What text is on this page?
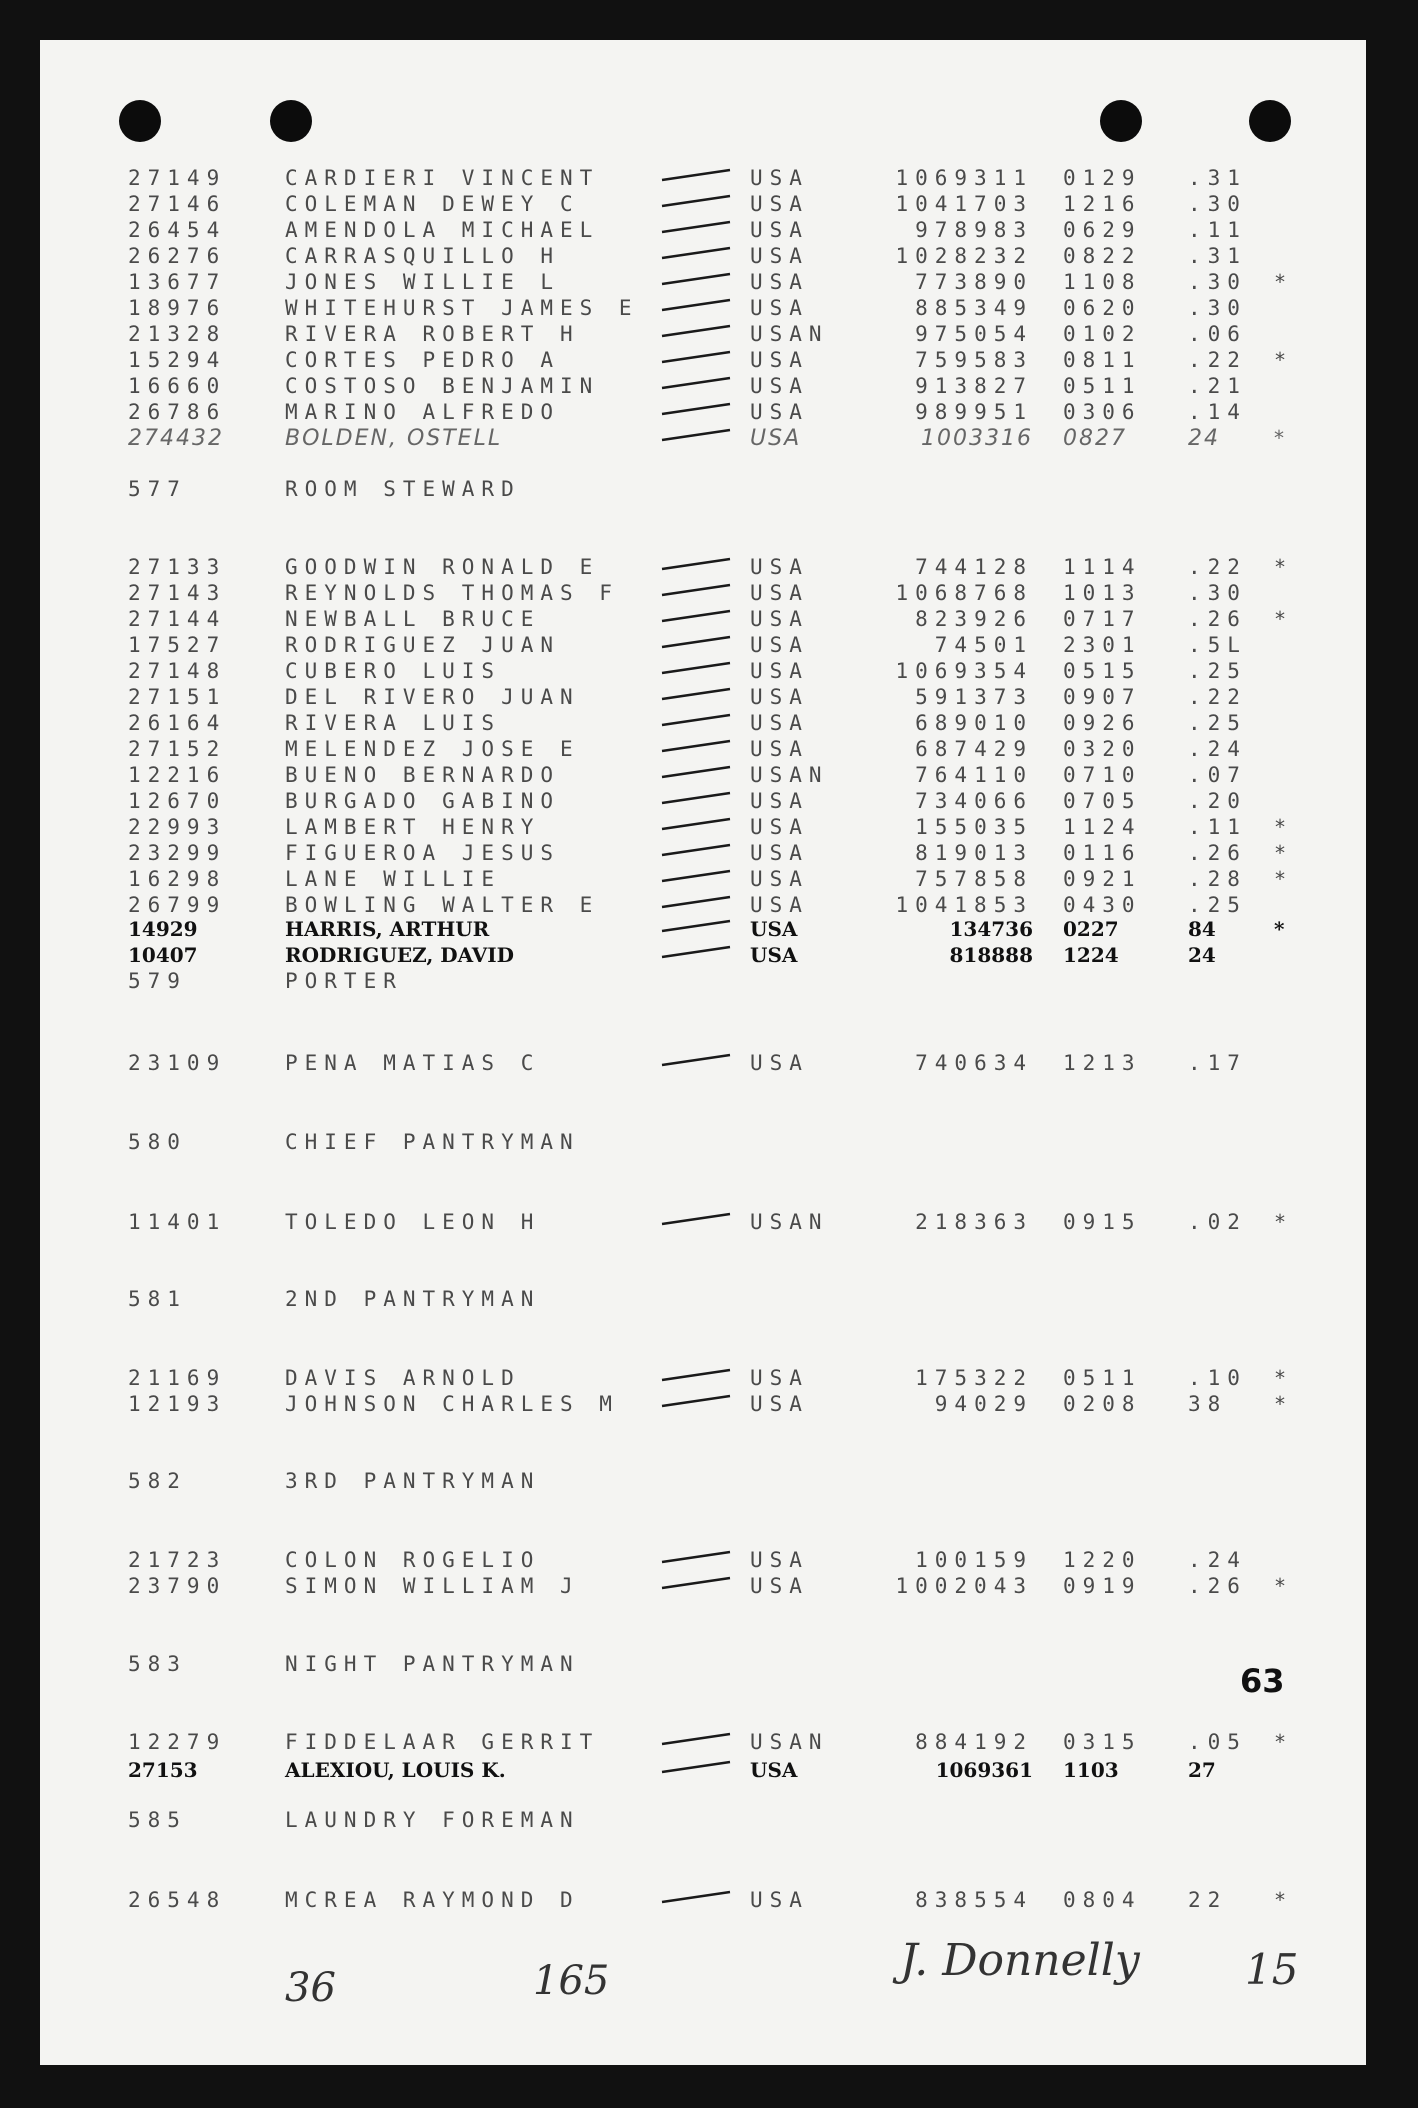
27149	CARDIERI VINCENT	USA	1069311 0129 .31
27146	COLEMAN DEWEY C	USA	1041703 1216 .30
26454	AMENDOLA MICHAEL	USA	978983 0629 .11
26276	CARRASQUILLO H	USA	1028232 0822 .31
13677	JONES WILLIE L	USA	773890 1108 .30 *
18976	WHITEHURST JAMES E	USA	885349 0620 .30
21328	RIVERA ROBERT H	USAN	975054 0102 .06
15294	CORTES PEDRO A	USA	759583 0811 .22 *
16660	COSTOSO BENJAMIN	USA	913827 0511 .21
26786	MARINO ALFREDO	USA	989951 0306 .14
274432	BOLDEN, OSTELL	USA	1003316 0827	24	*
577	ROOM STEWARD
27133	GOODWIN RONALD E	USA	744128 1114 .22 *
27143	REYNOLDS THOMAS F	USA	1068768 1013 .30
27144	NEWBALL BRUCE	USA	823926 0717 .26 *
17527	RODRIGUEZ JUAN	USA	74501 2301 .5L
27148	CUBERO LUIS	USA	1069354 0515 .25
27151	DEL RIVERO JUAN	USA	591373 0907 .22
26164	RIVERA LUIS	USA	689010 0926 .25
27152	MELENDEZ JOSE E	USA	687429 0320 .24
12216	BUENO BERNARDO	USAN	764110 0710 .07
12670	BURGADO GABINO	USA	734066 0705 .20
22993	LAMBERT HENRY	USA	155035 1124 .11 *
23299	FIGUEROA JESUS	USA	819013 0116 .26 *
16298	LANE WILLIE	USA	757858 0921 .28 *
26799	BOWLING WALTER E	USA	1041853 0430 .25
14929	HARRIS, ARTHUR	USA	134736 0227	84	*
10407	RODRIGUEZ, DAVID	USA	818888 1224	24
579	PORTER
23109	PENA MATIAS C	USA	740634 1213 .17
580	CHIEF PANTRYMAN
11401	TOLEDO LEON H	USAN	218363 0915 .02 *
581	2ND PANTRYMAN
21169	DAVIS ARNOLD	USA	175322 0511 .10 *
12193	JOHNSON CHARLES M	USA	94029 0208 38 *
582	3RD PANTRYMAN
21723	COLON ROGELIO	USA	100159 1220 .24
23790	SIMON WILLIAM J	USA	1002043 0919 .26 *
583	NIGHT PANTRYMAN
12279	FIDDELAAR GERRIT	USAN	884192 0315 .05 *
27153	ALEXIOU, LOUIS K.	USA	1069361 1103	27
585	LAUNDRY FOREMAN
26548	MCREA RAYMOND D	USA	838554 0804 22 *
63
36	165	J. Donnelly	15
